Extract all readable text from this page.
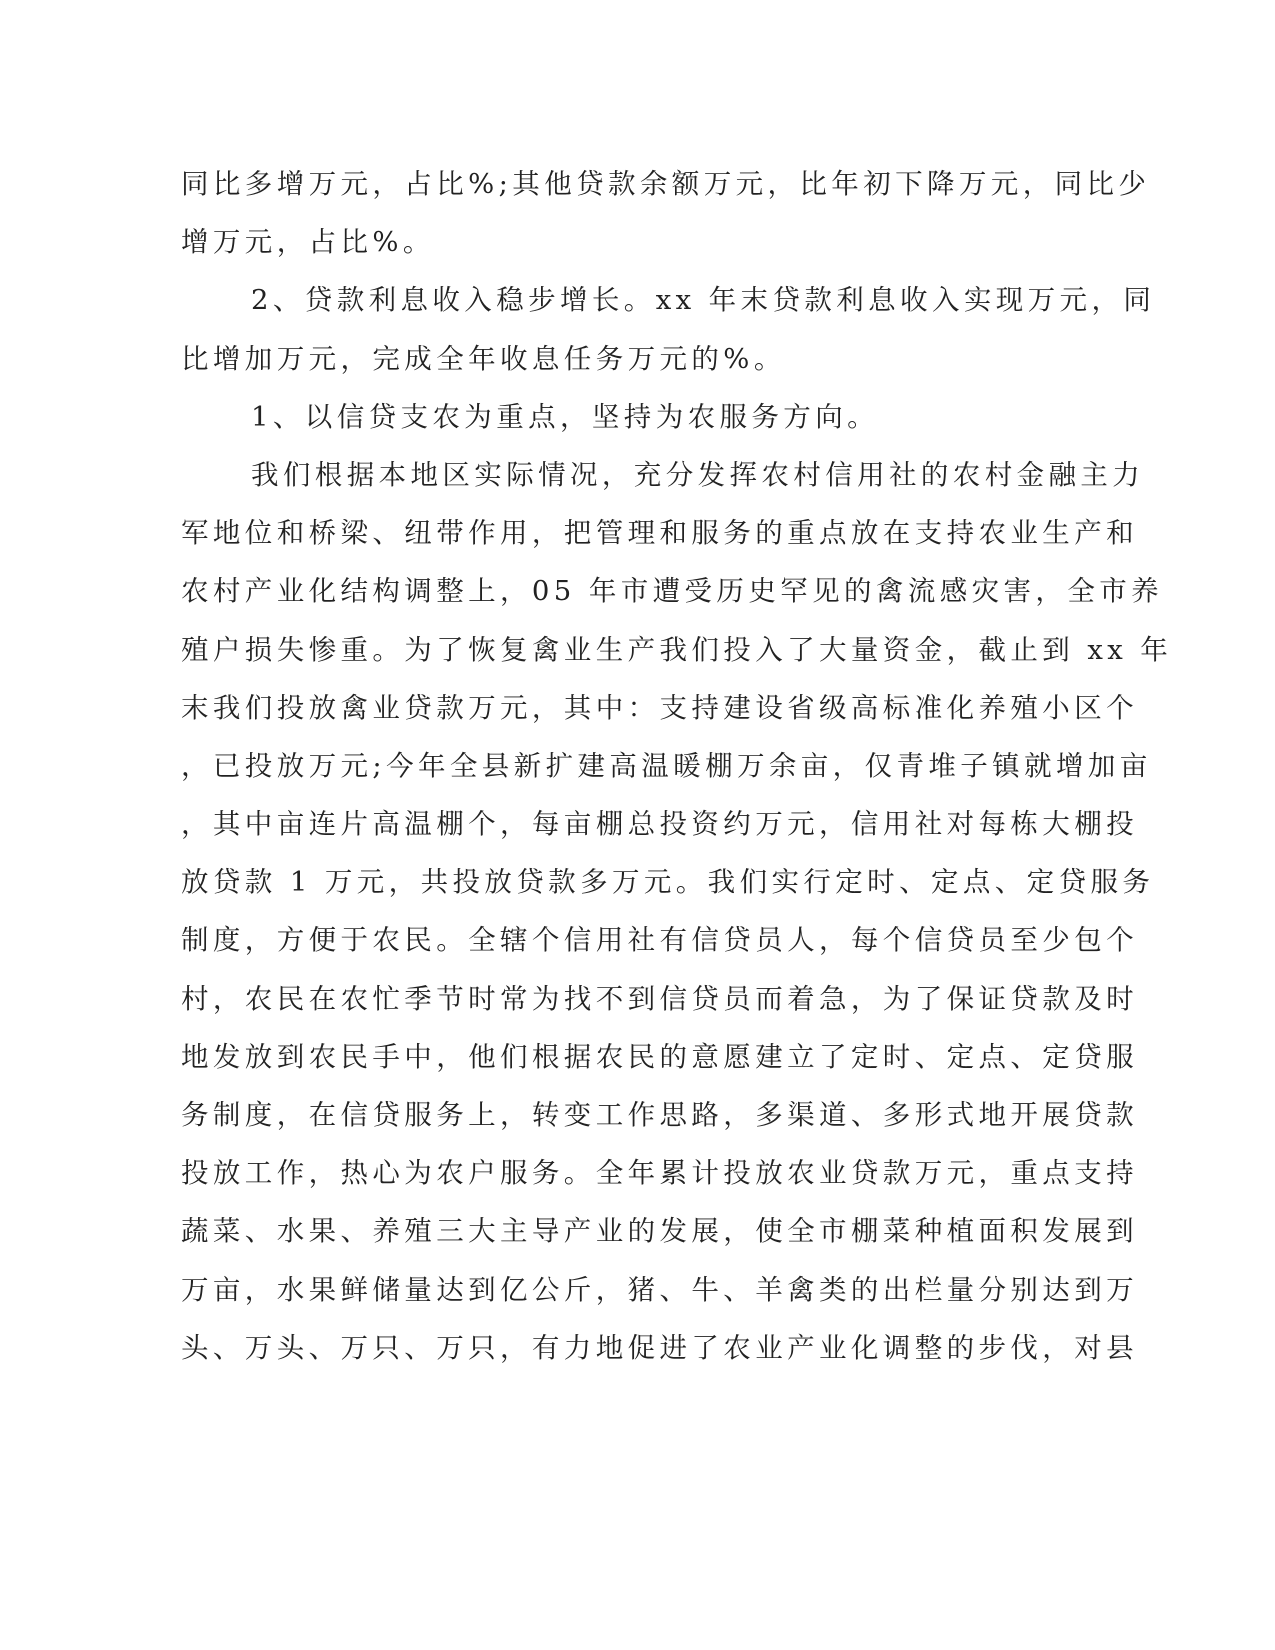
同比多增万元，占比%;其他贷款余额万元，比年初下降万元，同比少
增万元，占比%。
2、贷款利息收入稳步增长。xx 年末贷款利息收入实现万元，同
比增加万元，完成全年收息任务万元的%。
1、以信贷支农为重点，坚持为农服务方向。
我们根据本地区实际情况，充分发挥农村信用社的农村金融主力
军地位和桥梁、纽带作用，把管理和服务的重点放在支持农业生产和
农村产业化结构调整上，05 年市遭受历史罕见的禽流感灾害，全市养
殖户损失惨重。为了恢复禽业生产我们投入了大量资金，截止到 xx 年
末我们投放禽业贷款万元，其中：支持建设省级高标准化养殖小区个
，已投放万元;今年全县新扩建高温暖棚万余亩，仅青堆子镇就增加亩
，其中亩连片高温棚个，每亩棚总投资约万元，信用社对每栋大棚投
放贷款 1 万元，共投放贷款多万元。我们实行定时、定点、定贷服务
制度，方便于农民。全辖个信用社有信贷员人，每个信贷员至少包个
村，农民在农忙季节时常为找不到信贷员而着急，为了保证贷款及时
地发放到农民手中，他们根据农民的意愿建立了定时、定点、定贷服
务制度，在信贷服务上，转变工作思路，多渠道、多形式地开展贷款
投放工作，热心为农户服务。全年累计投放农业贷款万元，重点支持
蔬菜、水果、养殖三大主导产业的发展，使全市棚菜种植面积发展到
万亩，水果鲜储量达到亿公斤，猪、牛、羊禽类的出栏量分别达到万
头、万头、万只、万只，有力地促进了农业产业化调整的步伐，对县
